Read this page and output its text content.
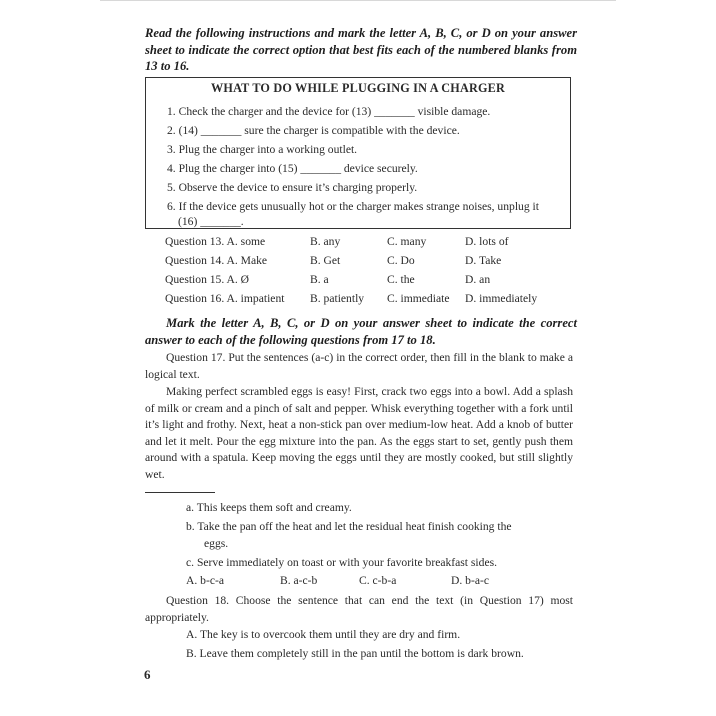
Read the following instructions and mark the letter A, B, C, or D on your answer sheet to indicate the correct option that best fits each of the numbered blanks from 13 to 16.
WHAT TO DO WHILE PLUGGING IN A CHARGER
1. Check the charger and the device for (13) _______ visible damage.
2. (14) _______ sure the charger is compatible with the device.
3. Plug the charger into a working outlet.
4. Plug the charger into (15) _______ device securely.
5. Observe the device to ensure it’s charging properly.
6. If the device gets unusually hot or the charger makes strange noises, unplug it (16) _______.
Question 13. A. some	B. any	C. many	D. lots of
Question 14. A. Make	B. Get	C. Do	D. Take
Question 15. A. Ø	B. a	C. the	D. an
Question 16. A. impatient B. patiently C. immediate D. immediately
Mark the letter A, B, C, or D on your answer sheet to indicate the correct answer to each of the following questions from 17 to 18.
Question 17. Put the sentences (a-c) in the correct order, then fill in the blank to make a logical text.
Making perfect scrambled eggs is easy! First, crack two eggs into a bowl. Add a splash of milk or cream and a pinch of salt and pepper. Whisk everything together with a fork until it’s light and frothy. Next, heat a non-stick pan over medium-low heat. Add a knob of butter and let it melt. Pour the egg mixture into the pan. As the eggs start to set, gently push them around with a spatula. Keep moving the eggs until they are mostly cooked, but still slightly wet.
a. This keeps them soft and creamy.
b. Take the pan off the heat and let the residual heat finish cooking the
eggs.
c. Serve immediately on toast or with your favorite breakfast sides.
A. b-c-a	B. a-c-b	C. c-b-a	D. b-a-c
Question 18. Choose the sentence that can end the text (in Question 17) most appropriately.
A. The key is to overcook them until they are dry and firm.
B. Leave them completely still in the pan until the bottom is dark brown.
6
